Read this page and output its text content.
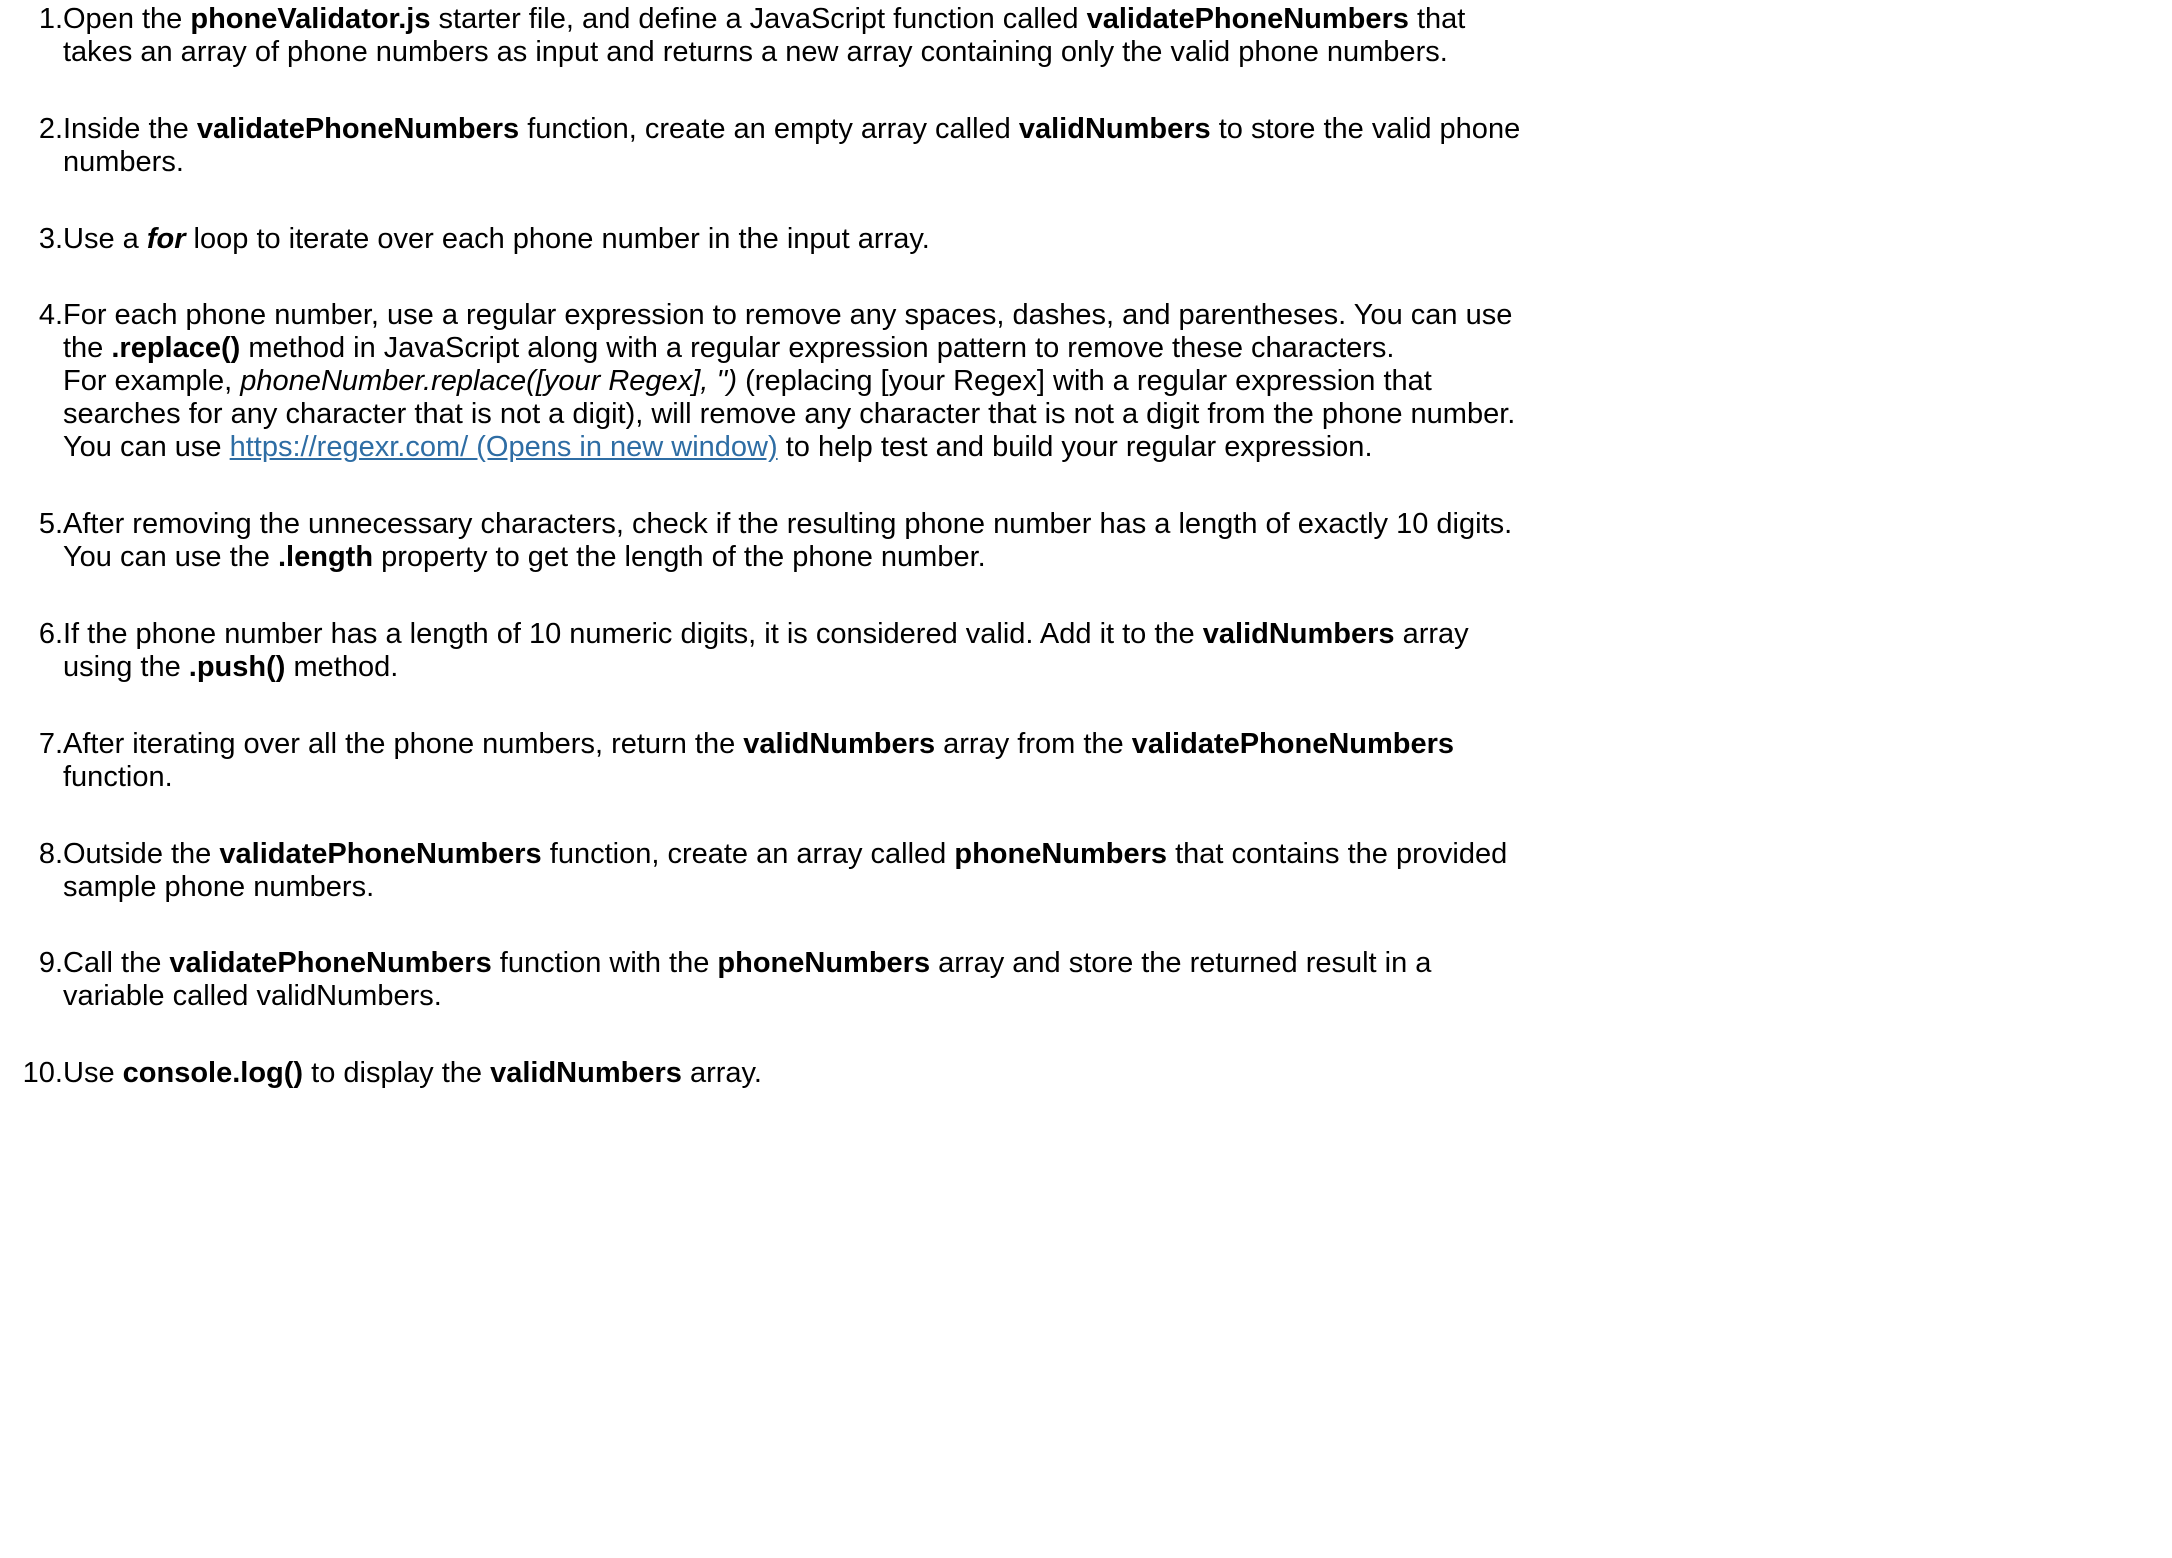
1. Open the phoneValidator.js starter file, and define a JavaScript function called validatePhoneNumbers that
takes an array of phone numbers as input and returns a new array containing only the valid phone numbers.
2. Inside the validatePhoneNumbers function, create an empty array called validNumbers to store the valid phone
numbers.
3. Use a for loop to iterate over each phone number in the input array.
4. For each phone number, use a regular expression to remove any spaces, dashes, and parentheses. You can use
the .replace() method in JavaScript along with a regular expression pattern to remove these characters.
For example, phoneNumber.replace([your Regex], '') (replacing [your Regex] with a regular expression that
searches for any character that is not a digit), will remove any character that is not a digit from the phone number.
You can use https://regexr.com/ (Opens in new window) to help test and build your regular expression.
5. After removing the unnecessary characters, check if the resulting phone number has a length of exactly 10 digits.
You can use the .length property to get the length of the phone number.
6. If the phone number has a length of 10 numeric digits, it is considered valid. Add it to the validNumbers array
using the .push() method.
7. After iterating over all the phone numbers, return the validNumbers array from the validatePhoneNumbers
function.
8. Outside the validatePhoneNumbers function, create an array called phoneNumbers that contains the provided
sample phone numbers.
9. Call the validatePhoneNumbers function with the phoneNumbers array and store the returned result in a
variable called validNumbers.
10. Use console.log() to display the validNumbers array.
